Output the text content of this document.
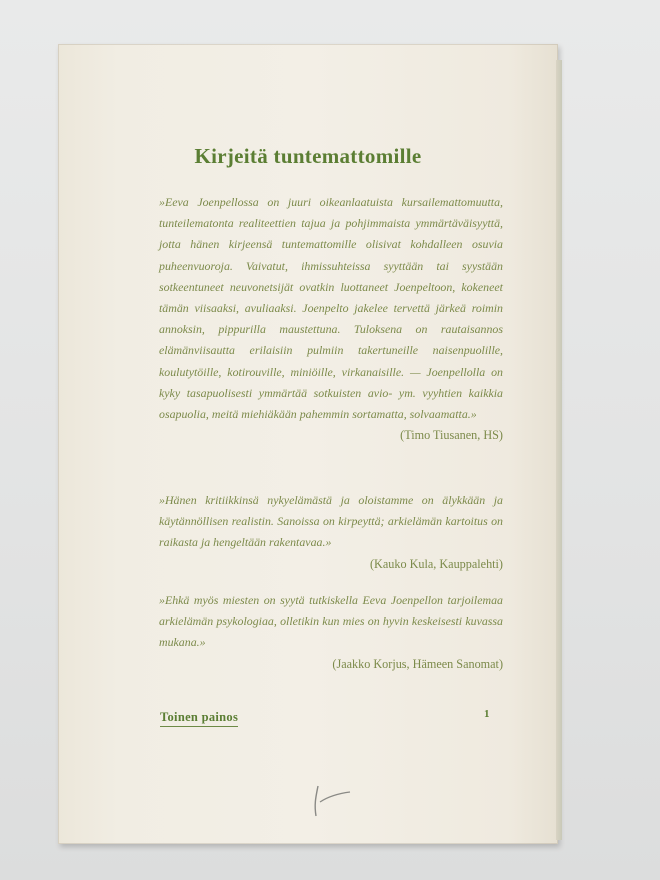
Kirjeitä tuntemattomille
»Eeva Joenpellossa on juuri oikeanlaatuista kursailemattomuutta, tunteilematonta realiteettien tajua ja pohjimmaista ymmärtäväisyyttä, jotta hänen kirjeensä tuntemattomille olisivat kohdalleen osuvia puheenvuoroja. Vaivatut, ihmissuhteissa syyttään tai syystään sotkeentuneet neuvonetsijät ovatkin luottaneet Joenpeltoon, kokeneet tämän viisaaksi, avuliaaksi. Joenpelto jakelee tervettä järkeä roimin annoksin, pippurilla maustettuna. Tuloksena on rautaisannos elämänviisautta erilaisiin pulmiin takertuneille naisenpuolille, koulutytöille, kotirouville, miniöille, virkanaisille. — Joenpellolla on kyky tasapuolisesti ymmärtää sotkuisten avio- ym. vyyhtien kaikkia osapuolia, meitä miehiäkään pahemmin sortamatta, solvaamatta.»
(Timo Tiusanen, HS)
»Hänen kritiikkinsä nykyelämästä ja oloistamme on älykkään ja käytännöllisen realistin. Sanoissa on kirpeyttä; arkielämän kartoitus on raikasta ja hengeltään rakentavaa.»
(Kauko Kula, Kauppalehti)
»Ehkä myös miesten on syytä tutkiskella Eeva Joenpellon tarjoilemaa arkielämän psykologiaa, olletikin kun mies on hyvin keskeisesti kuvassa mukana.»
(Jaakko Korjus, Hämeen Sanomat)
Toinen painos	1
